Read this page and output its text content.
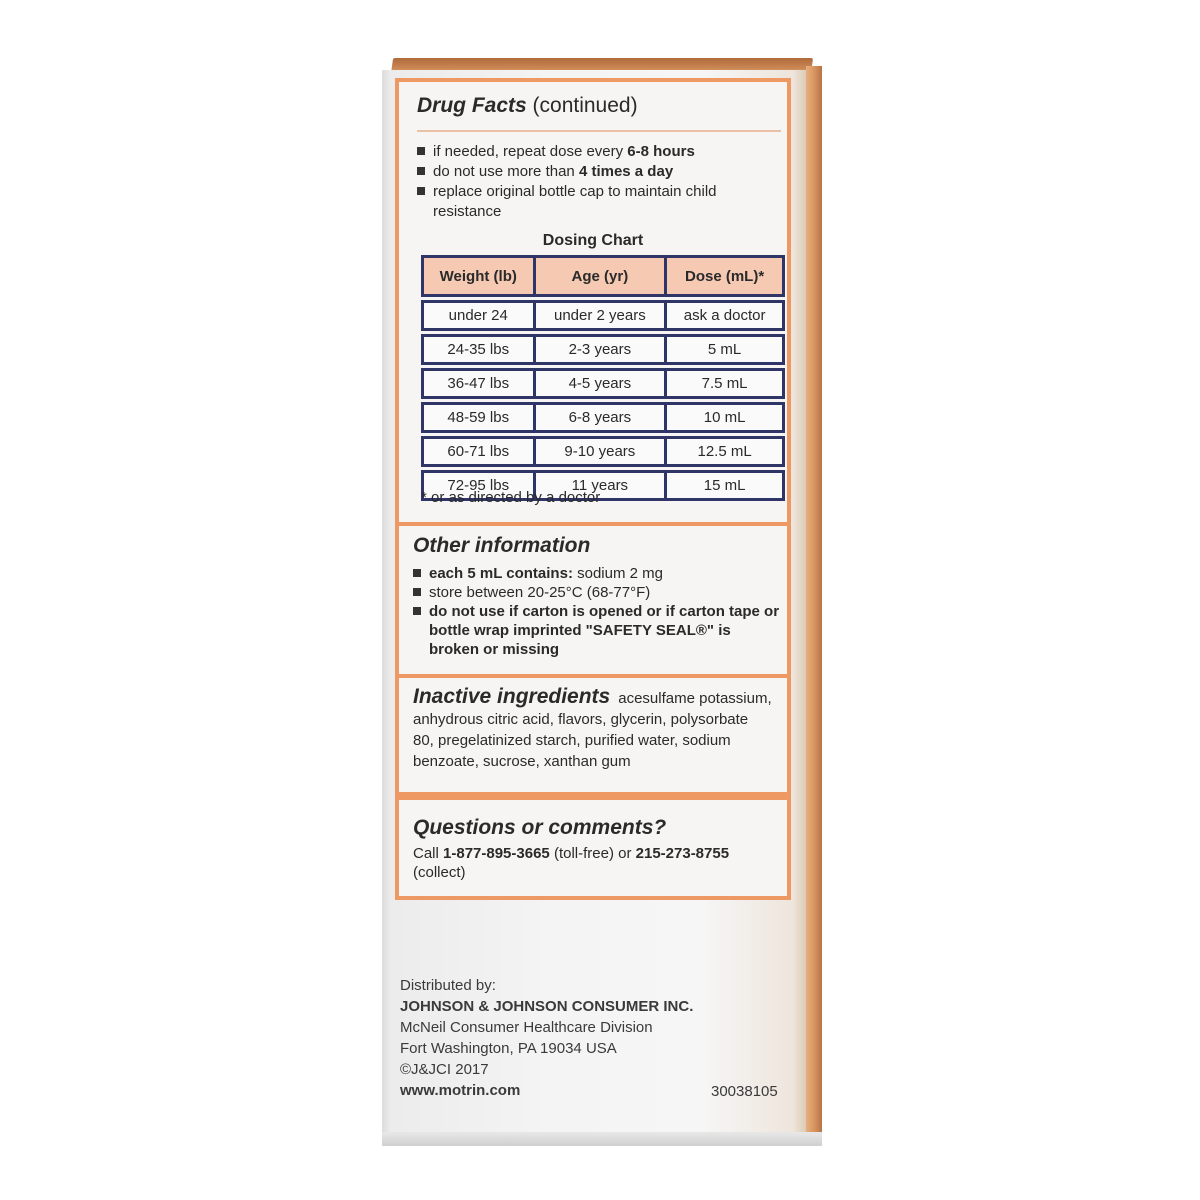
Drug Facts (continued)
if needed, repeat dose every 6-8 hours
do not use more than 4 times a day
replace original bottle cap to maintain child resistance
Dosing Chart
Weight (lb)	Age (yr)	Dose (mL)*

under 24	under 2 years	ask a doctor

24-35 lbs	2-3 years	5 mL

36-47 lbs	4-5 years	7.5 mL

48-59 lbs	6-8 years	10 mL

60-71 lbs	9-10 years	12.5 mL

72-95 lbs	11 years	15 mL
* or as directed by a doctor
Other information
each 5 mL contains: sodium 2 mg
store between 20-25°C (68-77°F)
do not use if carton is opened or if carton tape or bottle wrap imprinted "SAFETY SEAL®" is broken or missing
Inactive ingredients acesulfame potassium, anhydrous citric acid, flavors, glycerin, polysorbate 80, pregelatinized starch, purified water, sodium benzoate, sucrose, xanthan gum
Questions or comments?
Call 1-877-895-3665 (toll-free) or 215-273-8755
(collect)
Distributed by:
JOHNSON & JOHNSON CONSUMER INC.
McNeil Consumer Healthcare Division
Fort Washington, PA 19034 USA
©J&JCI 2017
www.motrin.com	30038105
